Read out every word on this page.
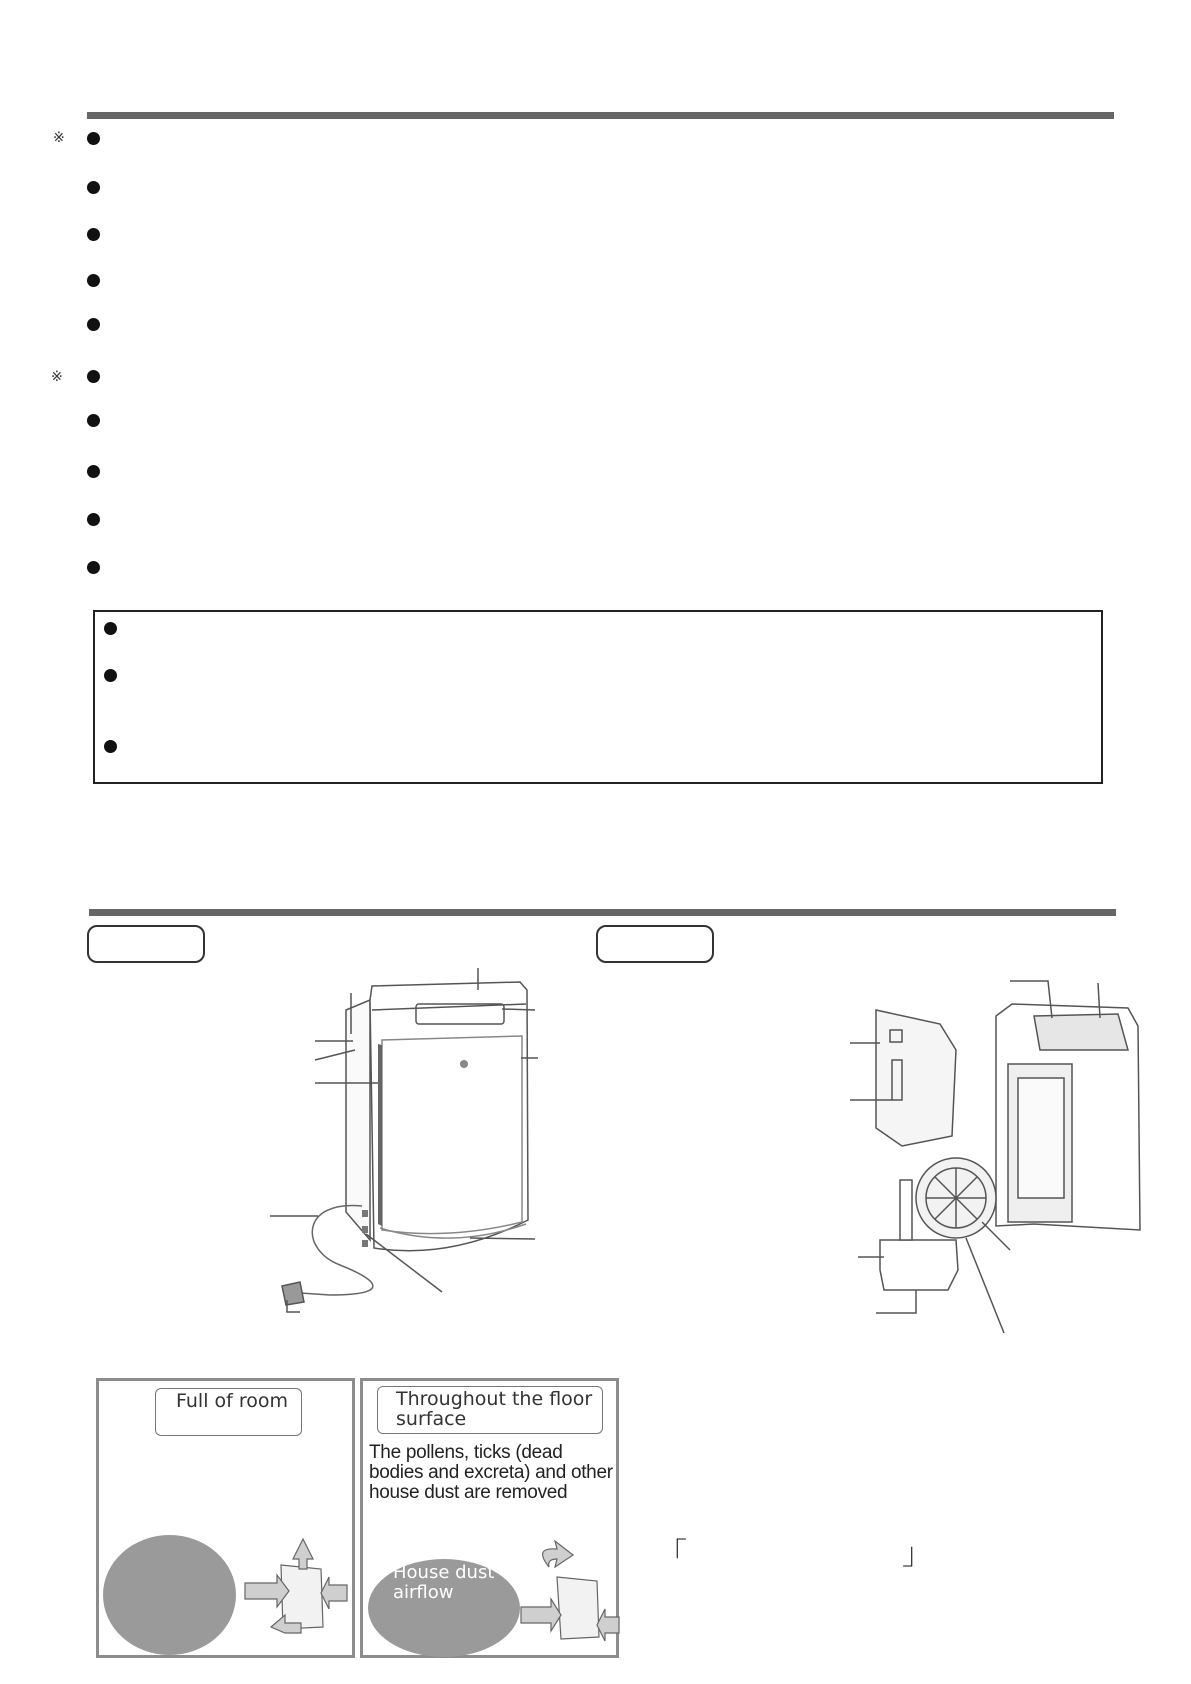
※
※
Full of room	Throughout the floor surface
The pollens, ticks (dead bodies and excreta) and other house dust are removed
House dust airflow
「	」
